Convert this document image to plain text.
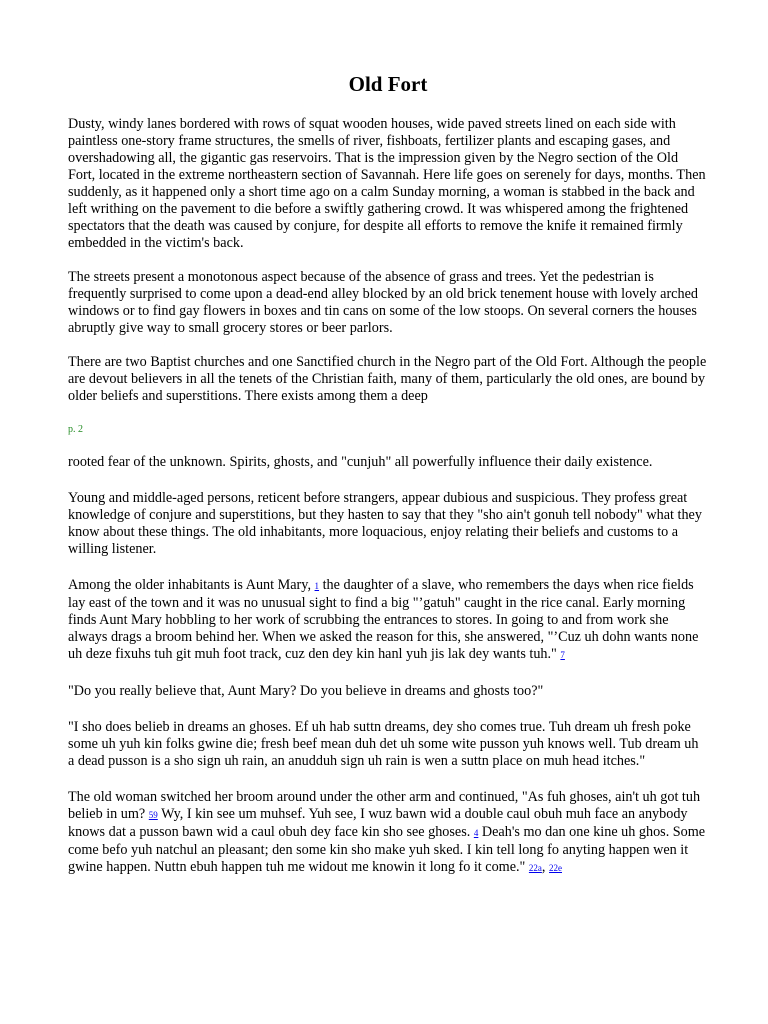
Old Fort

Dusty, windy lanes bordered with rows of squat wooden houses, wide paved streets lined on each side with paintless one-story frame structures, the smells of river, fishboats, fertilizer plants and escaping gases, and overshadowing all, the gigantic gas reservoirs. That is the impression given by the Negro section of the Old Fort, located in the extreme northeastern section of Savannah. Here life goes on serenely for days, months. Then suddenly, as it happened only a short time ago on a calm Sunday morning, a woman is stabbed in the back and left writhing on the pavement to die before a swiftly gathering crowd. It was whispered among the frightened spectators that the death was caused by conjure, for despite all efforts to remove the knife it remained firmly embedded in the victim's back.

The streets present a monotonous aspect because of the absence of grass and trees. Yet the pedestrian is frequently surprised to come upon a dead-end alley blocked by an old brick tenement house with lovely arched windows or to find gay flowers in boxes and tin cans on some of the low stoops. On several corners the houses abruptly give way to small grocery stores or beer parlors.

There are two Baptist churches and one Sanctified church in the Negro part of the Old Fort. Although the people are devout believers in all the tenets of the Christian faith, many of them, particularly the old ones, are bound by older beliefs and superstitions. There exists among them a deep

p. 2

rooted fear of the unknown. Spirits, ghosts, and "cunjuh" all powerfully influence their daily existence.

Young and middle-aged persons, reticent before strangers, appear dubious and suspicious. They profess great knowledge of conjure and superstitions, but they hasten to say that they "sho ain't gonuh tell nobody" what they know about these things. The old inhabitants, more loquacious, enjoy relating their beliefs and customs to a willing listener.

Among the older inhabitants is Aunt Mary, 1 the daughter of a slave, who remembers the days when rice fields lay east of the town and it was no unusual sight to find a big "’gatuh" caught in the rice canal. Early morning finds Aunt Mary hobbling to her work of scrubbing the entrances to stores. In going to and from work she always drags a broom behind her. When we asked the reason for this, she answered, "’Cuz uh dohn wants none uh deze fixuhs tuh git muh foot track, cuz den dey kin hanl yuh jis lak dey wants tuh." 7

"Do you really believe that, Aunt Mary? Do you believe in dreams and ghosts too?"

"I sho does belieb in dreams an ghoses. Ef uh hab suttn dreams, dey sho comes true. Tuh dream uh fresh poke some uh yuh kin folks gwine die; fresh beef mean duh det uh some wite pusson yuh knows well. Tub dream uh a dead pusson is a sho sign uh rain, an anudduh sign uh rain is wen a suttn place on muh head itches."

The old woman switched her broom around under the other arm and continued, "As fuh ghoses, ain't uh got tuh belieb in um? 59 Wy, I kin see um muhsef. Yuh see, I wuz bawn wid a double caul obuh muh face an anybody knows dat a pusson bawn wid a caul obuh dey face kin sho see ghoses. 4 Deah's mo dan one kine uh ghos. Some come befo yuh natchul an pleasant; den some kin sho make yuh sked. I kin tell long fo anyting happen wen it gwine happen. Nuttn ebuh happen tuh me widout me knowin it long fo it come." 22a, 22e
